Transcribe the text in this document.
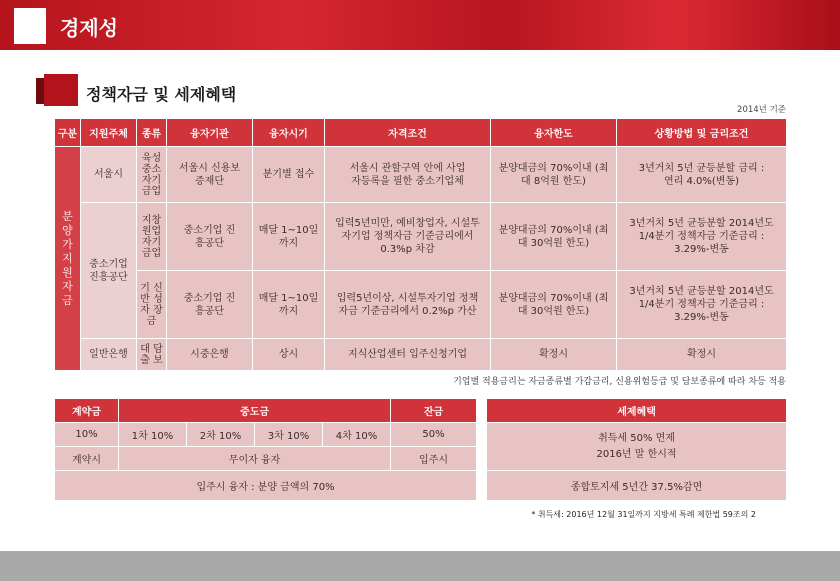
경제성
정책자금 및 세제혜택
2014년 기준
구분	지원주체	종류	융자기관	융자시기	자격조건	융자한도	상황방법 및 금리조건

분양가지원자금	서울시	육성 중소 자기 금업	서울시 신용보증재단	분기별 접수	서울시 관할구역 안에 사업자등록을 필한 중소기업체	분양대금의 70%이내 (최대 8억원 한도)	3년거치 5년 균등분할 금리 : 연리 4.0%(변동)

	중소기업 진흥공단	지창 원업 자기 금업	중소기업 진흥공단	매달 1~10일까지	입력5년미만, 예비창업자, 시설투자기업 정책자금 기준금리에서 0.3%p 차감	분양대금의 70%이내 (최대 30억원 한도)	3년거치 5년 균등분할 2014년도 1/4분기 정책자금 기준금리 : 3.29%-변동

		기 신 반 성 자 장 금	중소기업 진흥공단	매달 1~10일까지	입력5년이상, 시설투자기업 정책자금 기준금리에서 0.2%p 가산	분양대금의 70%이내 (최대 30억원 한도)	3년거치 5년 균등분할 2014년도 1/4분기 정책자금 기준금리 : 3.29%-변동

	일반은행	대 담 출 보	시중은행	상시	지식산업센터 입주신청기업	확정시	확정시
기업별 적용금리는 자금종류별 가감금리, 신용위험등급 및 담보종류에 따라 차등 적용
계약금	중도금				잔금		세제혜택
10%	1차 10%	2차 10%	3차 10%	4차 10%	50%		취득세 50% 면제
2016년 말 한시적

계약시	무이자 융자				입주시		
입주시 융자 : 분양 금액의 70%							종합토지세 5년간 37.5%감면
* 취득세: 2016년 12월 31일까지 지방세 특례 제한법 59조의 2
